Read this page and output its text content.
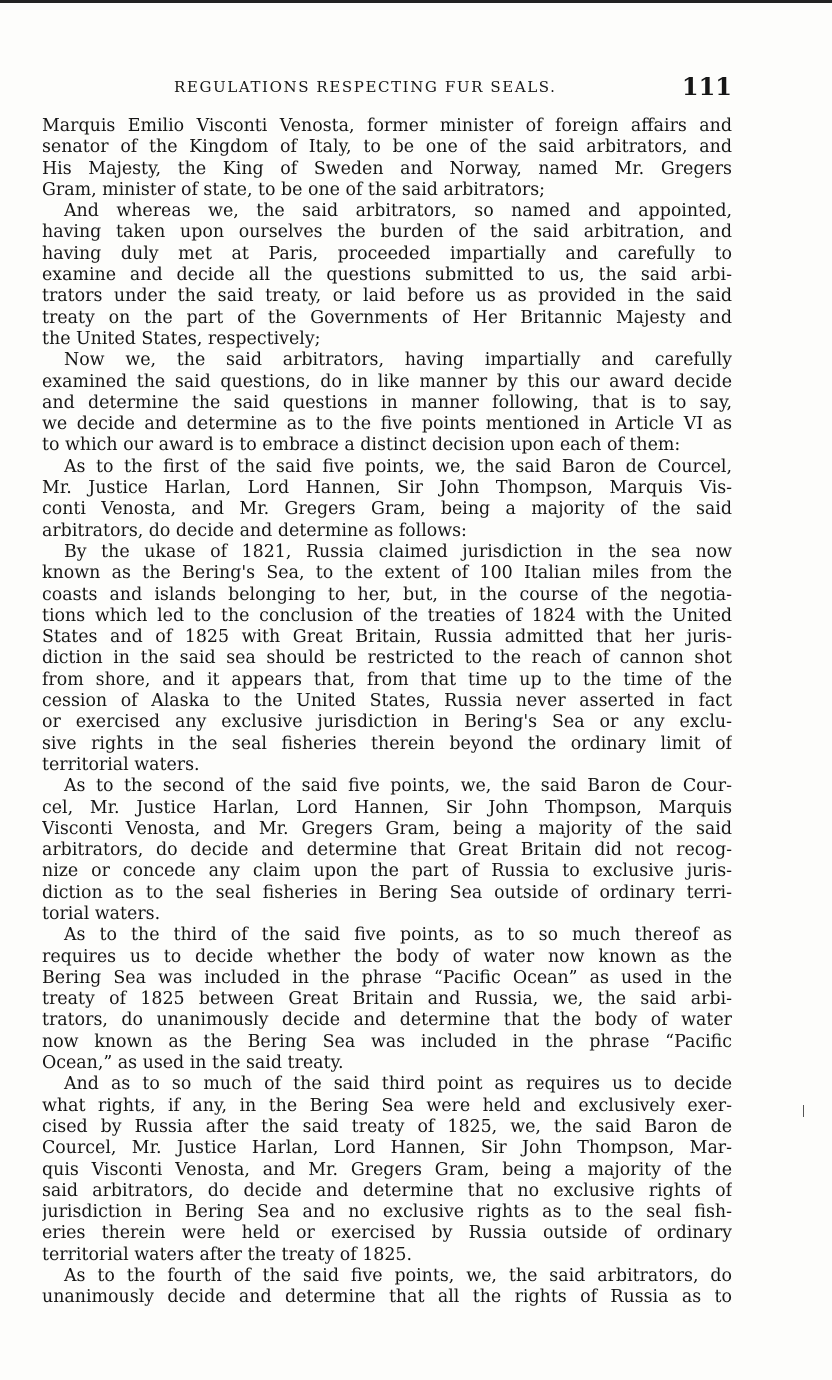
REGULATIONS RESPECTING FUR SEALS.	111
Marquis Emilio Visconti Venosta, former minister of foreign affairs and
senator of the Kingdom of Italy, to be one of the said arbitrators, and
His Majesty, the King of Sweden and Norway, named Mr. Gregers
Gram, minister of state, to be one of the said arbitrators;
And whereas we, the said arbitrators, so named and appointed,
having taken upon ourselves the burden of the said arbitration, and
having duly met at Paris, proceeded impartially and carefully to
examine and decide all the questions submitted to us, the said arbi-
trators under the said treaty, or laid before us as provided in the said
treaty on the part of the Governments of Her Britannic Majesty and
the United States, respectively;
Now we, the said arbitrators, having impartially and carefully
examined the said questions, do in like manner by this our award decide
and determine the said questions in manner following, that is to say,
we decide and determine as to the five points mentioned in Article VI as
to which our award is to embrace a distinct decision upon each of them:
As to the first of the said five points, we, the said Baron de Courcel,
Mr. Justice Harlan, Lord Hannen, Sir John Thompson, Marquis Vis-
conti Venosta, and Mr. Gregers Gram, being a majority of the said
arbitrators, do decide and determine as follows:
By the ukase of 1821, Russia claimed jurisdiction in the sea now
known as the Bering's Sea, to the extent of 100 Italian miles from the
coasts and islands belonging to her, but, in the course of the negotia-
tions which led to the conclusion of the treaties of 1824 with the United
States and of 1825 with Great Britain, Russia admitted that her juris-
diction in the said sea should be restricted to the reach of cannon shot
from shore, and it appears that, from that time up to the time of the
cession of Alaska to the United States, Russia never asserted in fact
or exercised any exclusive jurisdiction in Bering's Sea or any exclu-
sive rights in the seal fisheries therein beyond the ordinary limit of
territorial waters.
As to the second of the said five points, we, the said Baron de Cour-
cel, Mr. Justice Harlan, Lord Hannen, Sir John Thompson, Marquis
Visconti Venosta, and Mr. Gregers Gram, being a majority of the said
arbitrators, do decide and determine that Great Britain did not recog-
nize or concede any claim upon the part of Russia to exclusive juris-
diction as to the seal fisheries in Bering Sea outside of ordinary terri-
torial waters.
As to the third of the said five points, as to so much thereof as
requires us to decide whether the body of water now known as the
Bering Sea was included in the phrase “Pacific Ocean” as used in the
treaty of 1825 between Great Britain and Russia, we, the said arbi-
trators, do unanimously decide and determine that the body of water
now known as the Bering Sea was included in the phrase “Pacific
Ocean,” as used in the said treaty.
And as to so much of the said third point as requires us to decide
what rights, if any, in the Bering Sea were held and exclusively exer-
cised by Russia after the said treaty of 1825, we, the said Baron de
Courcel, Mr. Justice Harlan, Lord Hannen, Sir John Thompson, Mar-
quis Visconti Venosta, and Mr. Gregers Gram, being a majority of the
said arbitrators, do decide and determine that no exclusive rights of
jurisdiction in Bering Sea and no exclusive rights as to the seal fish-
eries therein were held or exercised by Russia outside of ordinary
territorial waters after the treaty of 1825.
As to the fourth of the said five points, we, the said arbitrators, do
unanimously decide and determine that all the rights of Russia as to
